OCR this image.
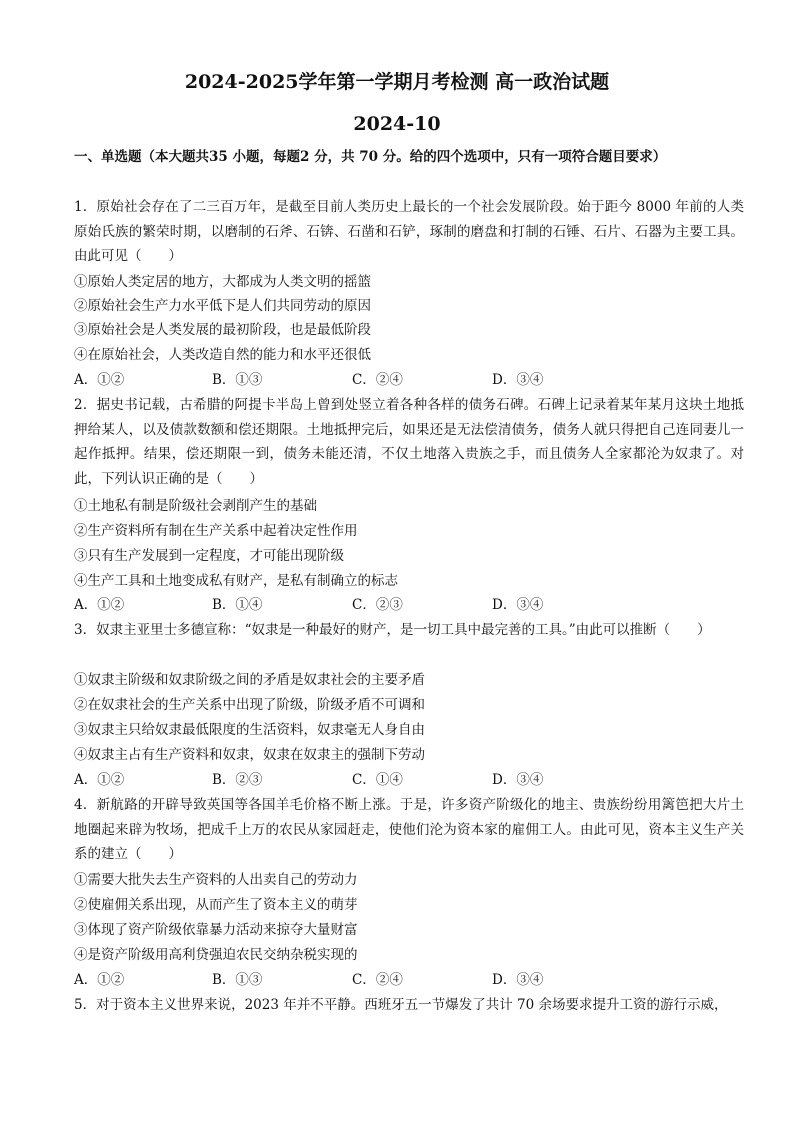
2024-2025学年第一学期月考检测 高一政治试题
2024-10
一、单选题（本大题共35 小题，每题2 分，共 70 分。给的四个选项中，只有一项符合题目要求）
1．原始社会存在了二三百万年，是截至目前人类历史上最长的一个社会发展阶段。始于距今 8000 年前的人类原始氏族的繁荣时期，以磨制的石斧、石锛、石凿和石铲，琢制的磨盘和打制的石锤、石片、石器为主要工具。由此可见（　　）
①原始人类定居的地方，大都成为人类文明的摇篮
②原始社会生产力水平低下是人们共同劳动的原因
③原始社会是人类发展的最初阶段，也是最低阶段
④在原始社会，人类改造自然的能力和水平还很低
A．①②	B．①③	C．②④	D．③④
2．据史书记载，古希腊的阿提卡半岛上曾到处竖立着各种各样的债务石碑。石碑上记录着某年某月这块土地抵押给某人，以及债款数额和偿还期限。土地抵押完后，如果还是无法偿清债务，债务人就只得把自己连同妻儿一起作抵押。结果，偿还期限一到，债务未能还清，不仅土地落入贵族之手，而且债务人全家都沦为奴隶了。对此，下列认识正确的是（　　）
①土地私有制是阶级社会剥削产生的基础
②生产资料所有制在生产关系中起着决定性作用
③只有生产发展到一定程度，才可能出现阶级
④生产工具和土地变成私有财产，是私有制确立的标志
A．①②	B．①④	C．②③	D．③④
3．奴隶主亚里士多德宣称：“奴隶是一种最好的财产，是一切工具中最完善的工具。”由此可以推断（　　）
①奴隶主阶级和奴隶阶级之间的矛盾是奴隶社会的主要矛盾
②在奴隶社会的生产关系中出现了阶级，阶级矛盾不可调和
③奴隶主只给奴隶最低限度的生活资料，奴隶毫无人身自由
④奴隶主占有生产资料和奴隶，奴隶在奴隶主的强制下劳动
A．①②	B．②③	C．①④	D．③④
4．新航路的开辟导致英国等各国羊毛价格不断上涨。于是，许多资产阶级化的地主、贵族纷纷用篱笆把大片土地圈起来辟为牧场，把成千上万的农民从家园赶走，使他们沦为资本家的雇佣工人。由此可见，资本主义生产关系的建立（　　）
①需要大批失去生产资料的人出卖自己的劳动力
②使雇佣关系出现，从而产生了资本主义的萌芽
③体现了资产阶级依靠暴力活动来掠夺大量财富
④是资产阶级用高利贷强迫农民交纳杂税实现的
A．①②	B．①③	C．②④	D．③④
5．对于资本主义世界来说，2023 年并不平静。西班牙五一节爆发了共计 70 余场要求提升工资的游行示威，
